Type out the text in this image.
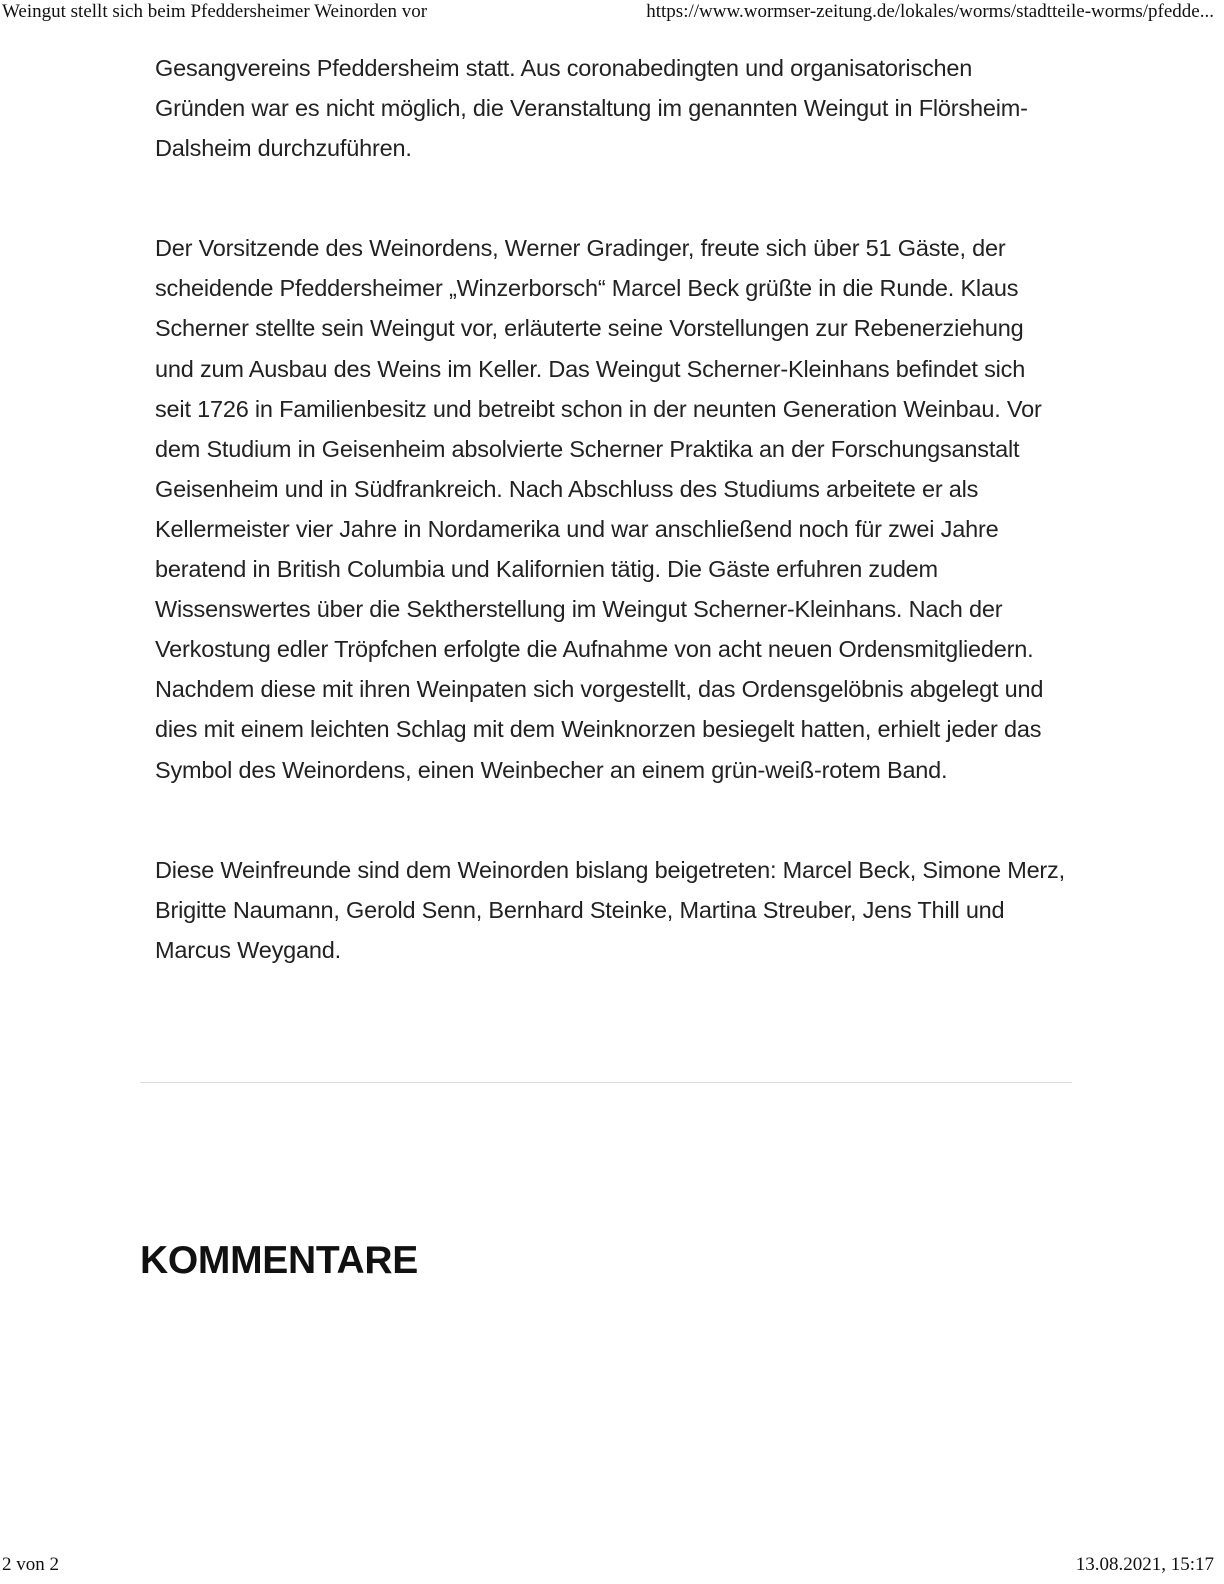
Weingut stellt sich beim Pfeddersheimer Weinorden vor	https://www.wormser-zeitung.de/lokales/worms/stadtteile-worms/pfedde...

Gesangvereins Pfeddersheim statt. Aus coronabedingten und organisatorischen Gründen war es nicht möglich, die Veranstaltung im genannten Weingut in Flörsheim-Dalsheim durchzuführen.

Der Vorsitzende des Weinordens, Werner Gradinger, freute sich über 51 Gäste, der scheidende Pfeddersheimer „Winzerborsch“ Marcel Beck grüßte in die Runde. Klaus Scherner stellte sein Weingut vor, erläuterte seine Vorstellungen zur Rebenerziehung und zum Ausbau des Weins im Keller. Das Weingut Scherner-Kleinhans befindet sich seit 1726 in Familienbesitz und betreibt schon in der neunten Generation Weinbau. Vor dem Studium in Geisenheim absolvierte Scherner Praktika an der Forschungsanstalt Geisenheim und in Südfrankreich. Nach Abschluss des Studiums arbeitete er als Kellermeister vier Jahre in Nordamerika und war anschließend noch für zwei Jahre beratend in British Columbia und Kalifornien tätig. Die Gäste erfuhren zudem Wissenswertes über die Sektherstellung im Weingut Scherner-Kleinhans. Nach der Verkostung edler Tröpfchen erfolgte die Aufnahme von acht neuen Ordensmitgliedern. Nachdem diese mit ihren Weinpaten sich vorgestellt, das Ordensgelöbnis abgelegt und dies mit einem leichten Schlag mit dem Weinknorzen besiegelt hatten, erhielt jeder das Symbol des Weinordens, einen Weinbecher an einem grün-weiß-rotem Band.

Diese Weinfreunde sind dem Weinorden bislang beigetreten: Marcel Beck, Simone Merz, Brigitte Naumann, Gerold Senn, Bernhard Steinke, Martina Streuber, Jens Thill und Marcus Weygand.

KOMMENTARE
2 von 2	13.08.2021, 15:17
